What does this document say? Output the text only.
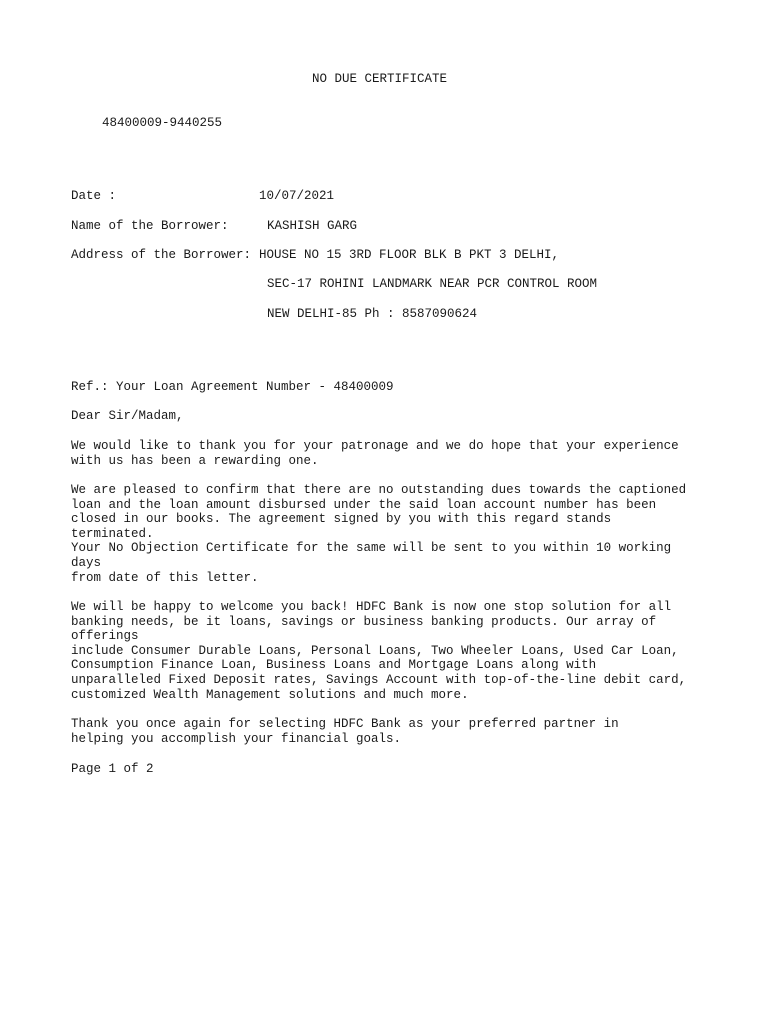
NO DUE CERTIFICATE
48400009-9440255
Date :	10/07/2021
Name of the Borrower:	KASHISH GARG
Address of the Borrower: HOUSE NO 15 3RD FLOOR BLK B PKT 3 DELHI,
SEC-17 ROHINI LANDMARK NEAR PCR CONTROL ROOM
NEW DELHI-85 Ph : 8587090624
Ref.: Your Loan Agreement Number - 48400009
Dear Sir/Madam,
We would like to thank you for your patronage and we do hope that your experience
with us has been a rewarding one.
We are pleased to confirm that there are no outstanding dues towards the captioned
loan and the loan amount disbursed under the said loan account number has been
closed in our books. The agreement signed by you with this regard stands
terminated.
Your No Objection Certificate for the same will be sent to you within 10 working
days
from date of this letter.
We will be happy to welcome you back! HDFC Bank is now one stop solution for all
banking needs, be it loans, savings or business banking products. Our array of
offerings
include Consumer Durable Loans, Personal Loans, Two Wheeler Loans, Used Car Loan,
Consumption Finance Loan, Business Loans and Mortgage Loans along with
unparalleled Fixed Deposit rates, Savings Account with top-of-the-line debit card,
customized Wealth Management solutions and much more.
Thank you once again for selecting HDFC Bank as your preferred partner in
helping you accomplish your financial goals.
Page 1 of 2
